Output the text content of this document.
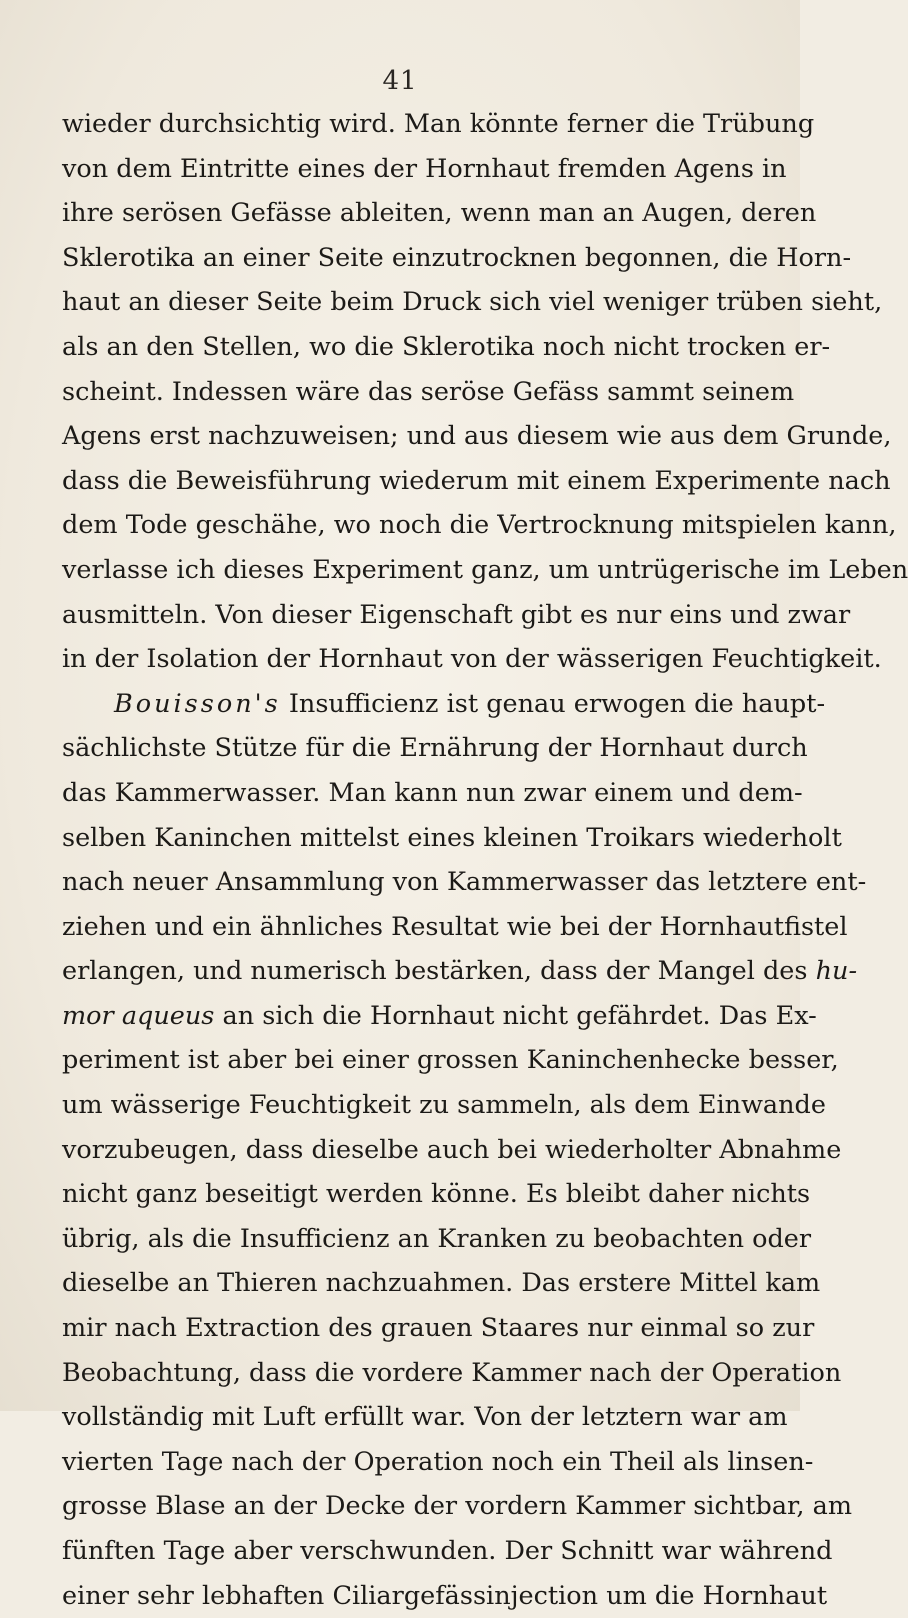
41
wieder durchsichtig wird. Man könnte ferner die Trübung
von dem Eintritte eines der Hornhaut fremden Agens in
ihre serösen Gefässe ableiten, wenn man an Augen, deren
Sklerotika an einer Seite einzutrocknen begonnen, die Horn-
haut an dieser Seite beim Druck sich viel weniger trüben sieht,
als an den Stellen, wo die Sklerotika noch nicht trocken er-
scheint. Indessen wäre das seröse Gefäss sammt seinem
Agens erst nachzuweisen; und aus diesem wie aus dem Grunde,
dass die Beweisführung wiederum mit einem Experimente nach
dem Tode geschähe, wo noch die Vertrocknung mitspielen kann,
verlasse ich dieses Experiment ganz, um untrügerische im Leben
ausmitteln. Von dieser Eigenschaft gibt es nur eins und zwar
in der Isolation der Hornhaut von der wässerigen Feuchtigkeit.
Bouisson's Insufficienz ist genau erwogen die haupt-
sächlichste Stütze für die Ernährung der Hornhaut durch
das Kammerwasser. Man kann nun zwar einem und dem-
selben Kaninchen mittelst eines kleinen Troikars wiederholt
nach neuer Ansammlung von Kammerwasser das letztere ent-
ziehen und ein ähnliches Resultat wie bei der Hornhautfistel
erlangen, und numerisch bestärken, dass der Mangel des hu-
mor aqueus an sich die Hornhaut nicht gefährdet. Das Ex-
periment ist aber bei einer grossen Kaninchenhecke besser,
um wässerige Feuchtigkeit zu sammeln, als dem Einwande
vorzubeugen, dass dieselbe auch bei wiederholter Abnahme
nicht ganz beseitigt werden könne. Es bleibt daher nichts
übrig, als die Insufficienz an Kranken zu beobachten oder
dieselbe an Thieren nachzuahmen. Das erstere Mittel kam
mir nach Extraction des grauen Staares nur einmal so zur
Beobachtung, dass die vordere Kammer nach der Operation
vollständig mit Luft erfüllt war. Von der letztern war am
vierten Tage nach der Operation noch ein Theil als linsen-
grosse Blase an der Decke der vordern Kammer sichtbar, am
fünften Tage aber verschwunden. Der Schnitt war während
einer sehr lebhaften Ciliargefässinjection um die Hornhaut
